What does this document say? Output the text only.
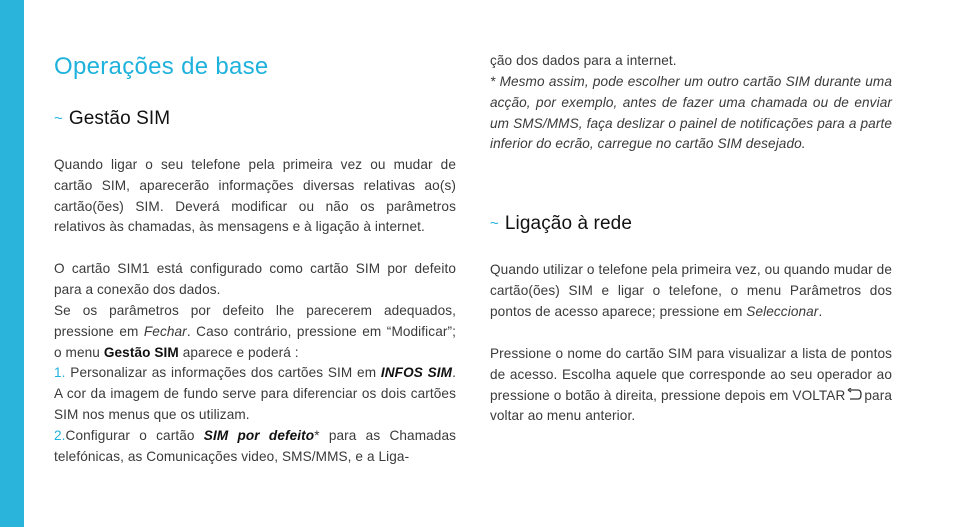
Operações de base
~ Gestão SIM

Quando ligar o seu telefone pela primeira vez ou mudar de cartão SIM, aparecerão informações diversas relativas ao(s) cartão(ões) SIM. Deverá modificar ou não os parâmetros relativos às chamadas, às mensagens e à ligação à internet.

O cartão SIM1 está configurado como cartão SIM por defeito para a conexão dos dados.

Se os parâmetros por defeito lhe parecerem adequados, pressione em Fechar. Caso contrário, pressione em “Modificar”; o menu Gestão SIM aparece e poderá :

1. Personalizar as informações dos cartões SIM em INFOS SIM. A cor da imagem de fundo serve para diferenciar os dois cartões SIM nos menus que os utilizam.

2.Configurar o cartão SIM por defeito* para as Chamadas telefónicas, as Comunicações video, SMS/MMS, e a Liga-

ção dos dados para a internet.

* Mesmo assim, pode escolher um outro cartão SIM durante uma acção, por exemplo, antes de fazer uma chamada ou de enviar um SMS/MMS, faça deslizar o painel de notificações para a parte inferior do ecrão, carregue no cartão SIM desejado.

~ Ligação à rede

Quando utilizar o telefone pela primeira vez, ou quando mudar de cartão(ões) SIM e ligar o telefone, o menu Parâmetros dos pontos de acesso aparece; pressione em Seleccionar.

Pressione o nome do cartão SIM para visualizar a lista de pontos de acesso. Escolha aquele que corresponde ao seu operador ao pressione o botão à direita, pressione depois em VOLTAR para voltar ao menu anterior.
